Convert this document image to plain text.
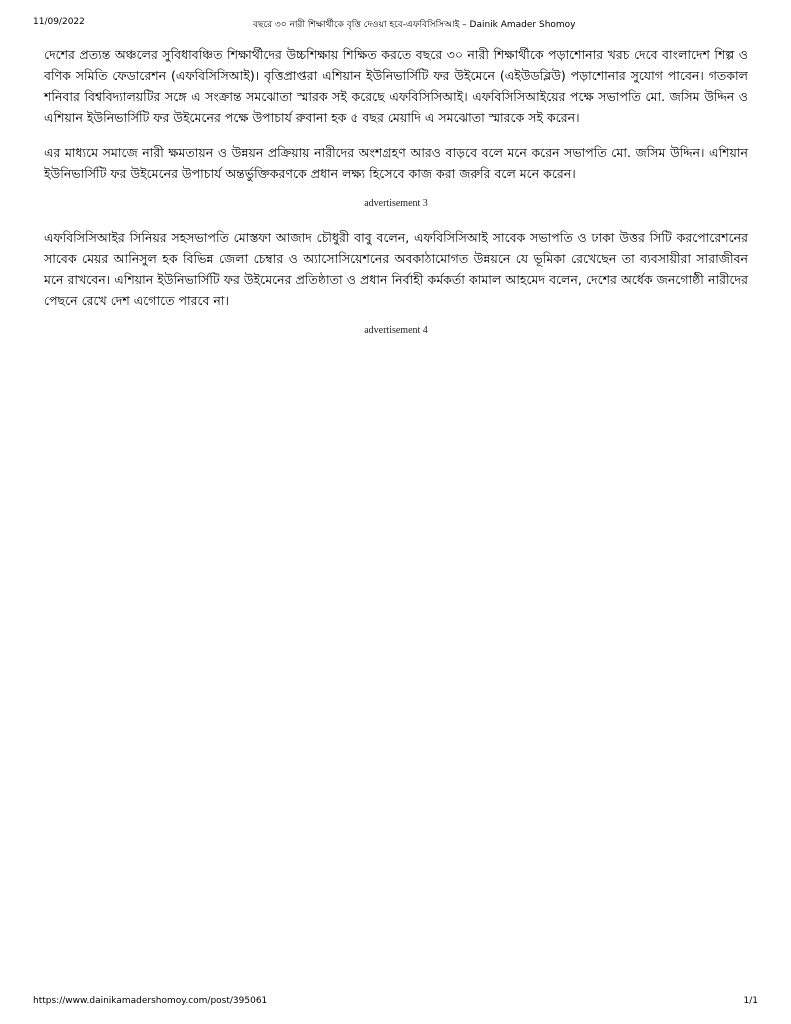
11/09/2022	বছরে ৩০ নারী শিক্ষার্থীকে বৃত্তি দেওয়া হবে-এফবিসিসিআই – Dainik Amader Shomoy

দেশের প্রত্যন্ত অঞ্চলের সুবিধাবঞ্চিত শিক্ষার্থীদের উচ্চশিক্ষায় শিক্ষিত করতে বছরে ৩০ নারী শিক্ষার্থীকে পড়াশোনার খরচ দেবে বাংলাদেশ শিল্প ও বণিক সমিতি ফেডারেশন (এফবিসিসিআই)। বৃত্তিপ্রাপ্তরা এশিয়ান ইউনিভার্সিটি ফর উইমেনে (এইউডব্লিউ) পড়াশোনার সুযোগ পাবেন। গতকাল শনিবার বিশ্ববিদ্যালয়টির সঙ্গে এ সংক্রান্ত সমঝোতা স্মারক সই করেছে এফবিসিসিআই। এফবিসিসিআইয়ের পক্ষে সভাপতি মো. জসিম উদ্দিন ও এশিয়ান ইউনিভার্সিটি ফর উইমেনের পক্ষে উপাচার্য রুবানা হক ৫ বছর মেয়াদি এ সমঝোতা স্মারকে সই করেন।

এর মাধ্যমে সমাজে নারী ক্ষমতায়ন ও উন্নয়ন প্রক্রিয়ায় নারীদের অংশগ্রহণ আরও বাড়বে বলে মনে করেন সভাপতি মো. জসিম উদ্দিন। এশিয়ান ইউনিভার্সিটি ফর উইমেনের উপাচার্য অন্তর্ভুক্তিকরণকে প্রধান লক্ষ্য হিসেবে কাজ করা জরুরি বলে মনে করেন।

advertisement 3

এফবিসিসিআইর সিনিয়র সহসভাপতি মোস্তফা আজাদ চৌধুরী বাবু বলেন, এফবিসিসিআই সাবেক সভাপতি ও ঢাকা উত্তর সিটি করপোরেশনের সাবেক মেয়র আনিসুল হক বিভিন্ন জেলা চেম্বার ও অ্যাসোসিয়েশনের অবকাঠামোগত উন্নয়নে যে ভূমিকা রেখেছেন তা ব্যবসায়ীরা সারাজীবন মনে রাখবেন। এশিয়ান ইউনিভার্সিটি ফর উইমেনের প্রতিষ্ঠাতা ও প্রধান নির্বাহী কর্মকর্তা কামাল আহমেদ বলেন, দেশের অর্ধেক জনগোষ্ঠী নারীদের পেছনে রেখে দেশ এগোতে পারবে না।

advertisement 4
https://www.dainikamadershomoy.com/post/395061	1/1
